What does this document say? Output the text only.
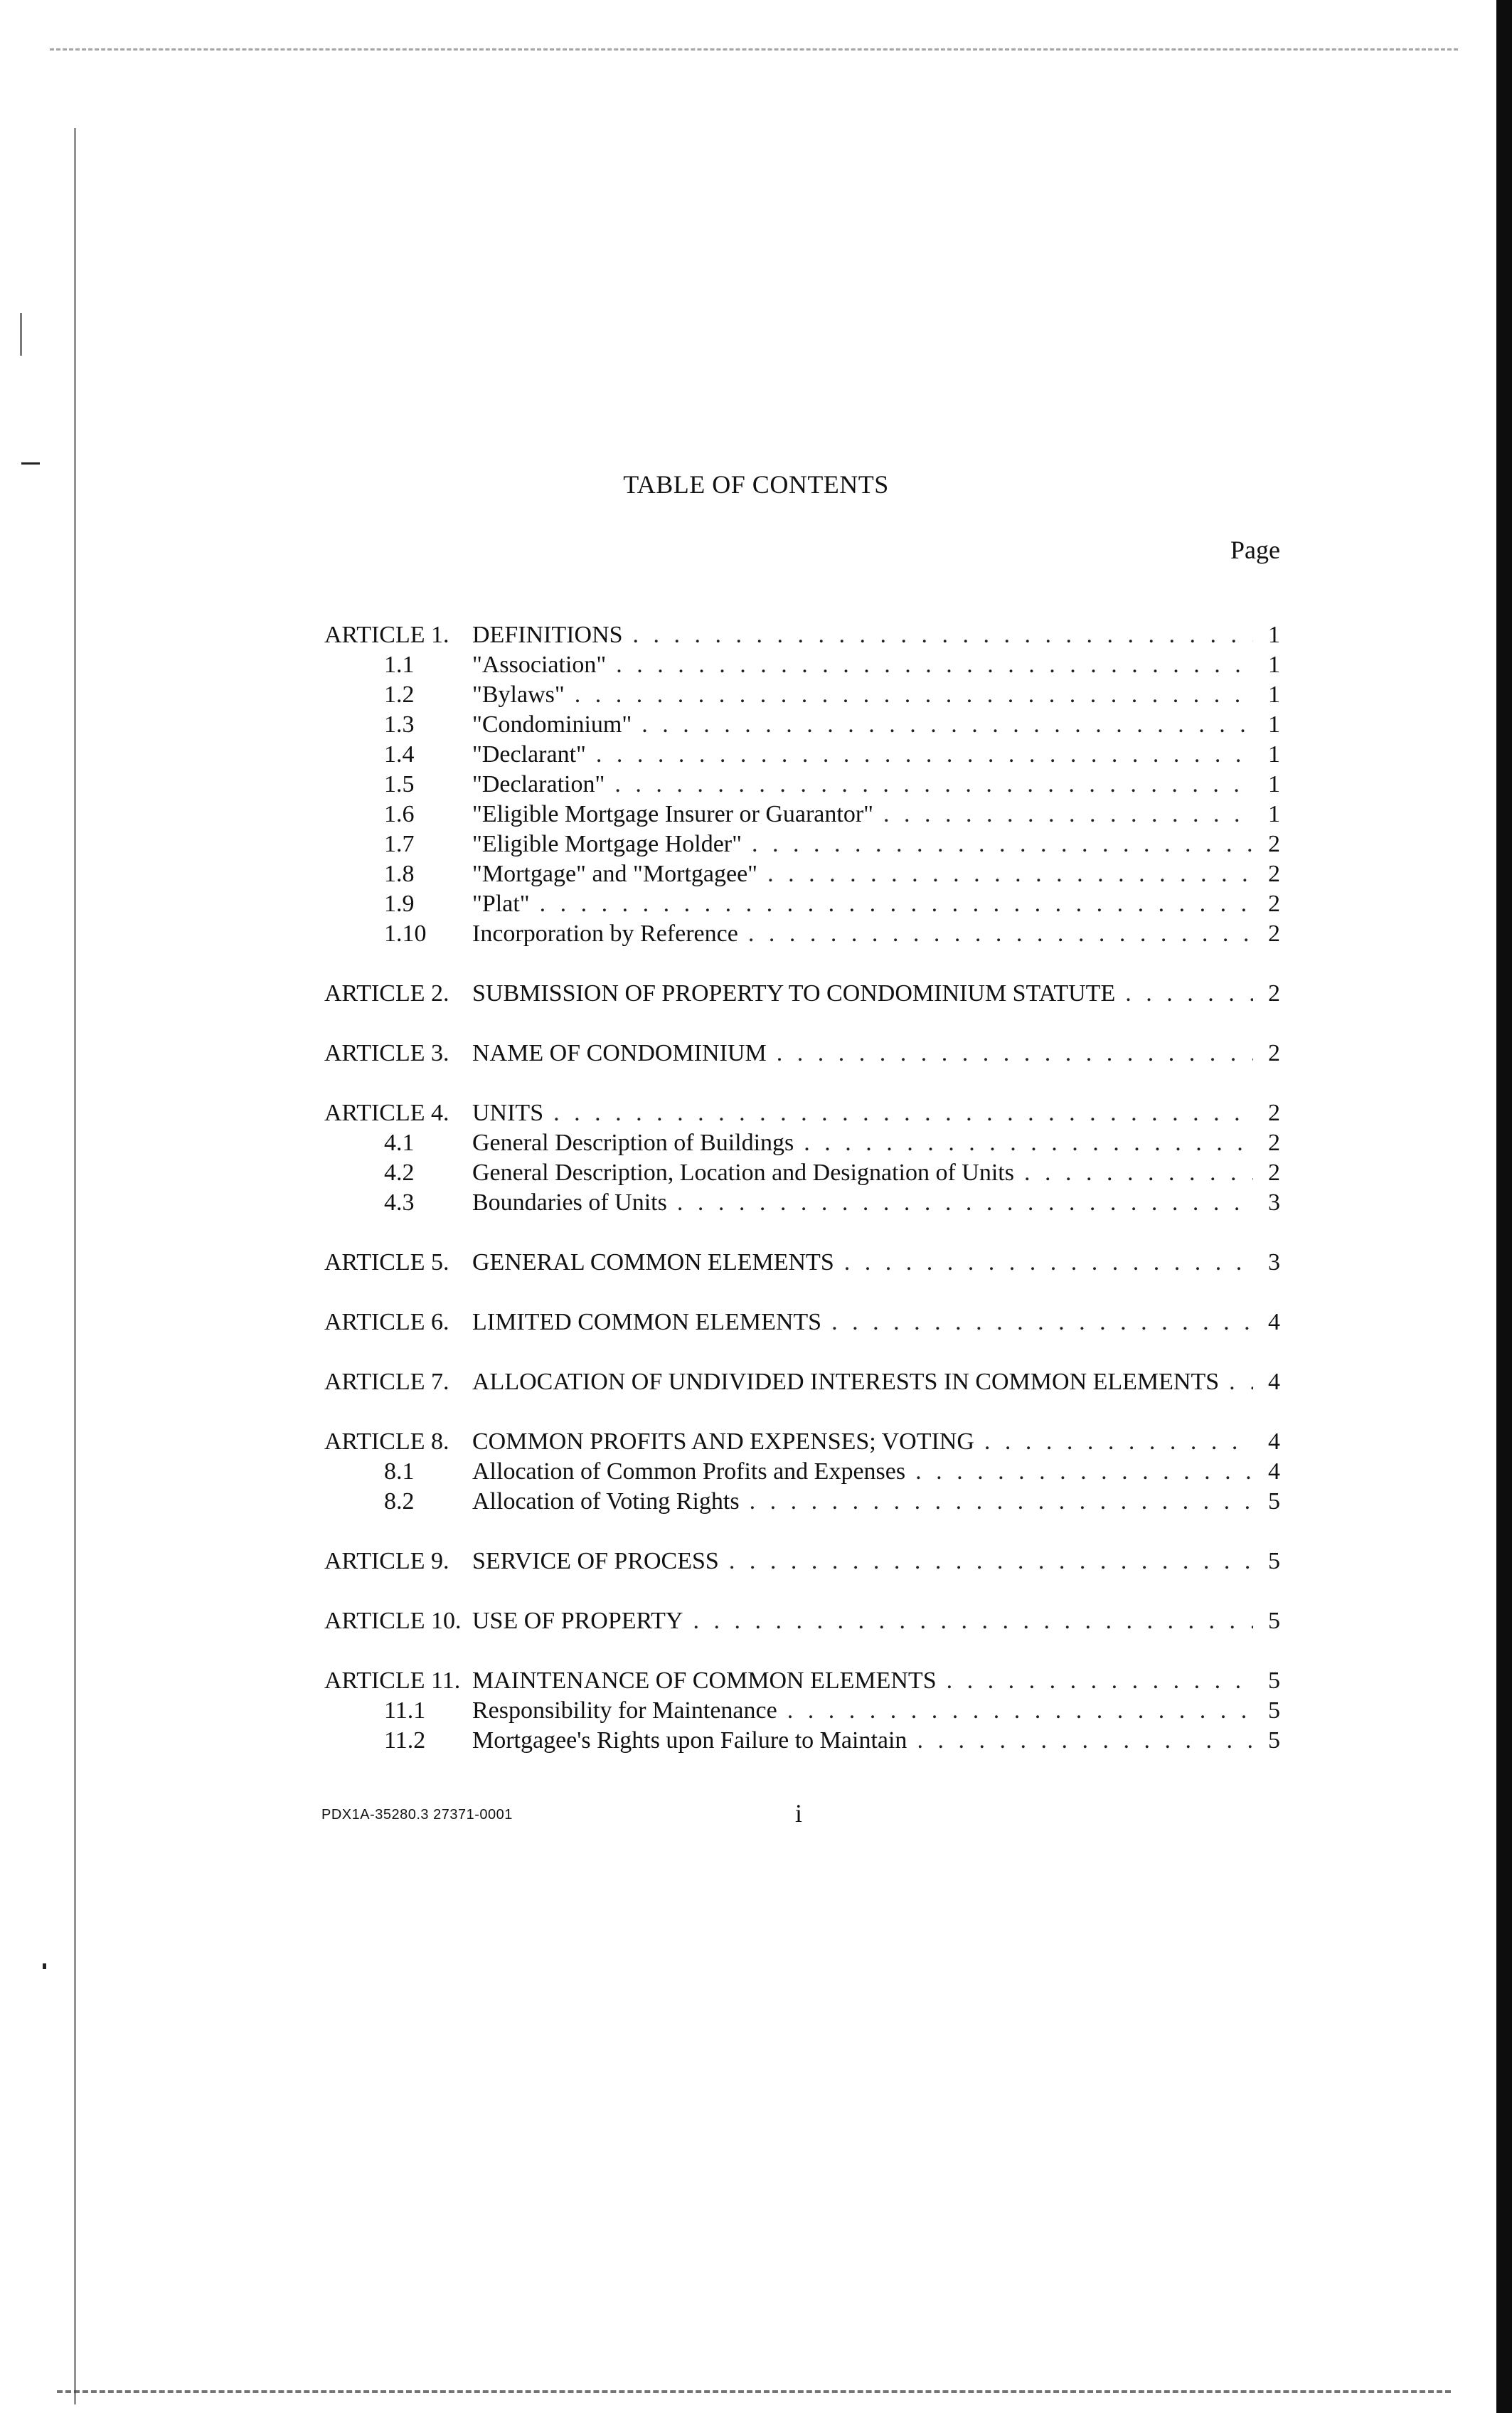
TABLE OF CONTENTS
Page
ARTICLE 1. DEFINITIONS . . .	1
1.1	"Association" . . .	1
1.2	"Bylaws" . . .	1
1.3	"Condominium" . . .	1
1.4	"Declarant" . . .	1
1.5	"Declaration" . . .	1
1.6	"Eligible Mortgage Insurer or Guarantor" . . .	1
1.7	"Eligible Mortgage Holder" . . .	2
1.8	"Mortgage" and "Mortgagee" . . .	2
1.9	"Plat" . . .	2
1.10	Incorporation by Reference . . .	2
ARTICLE 2. SUBMISSION OF PROPERTY TO CONDOMINIUM STATUTE . . .	2
ARTICLE 3. NAME OF CONDOMINIUM . . .	2
ARTICLE 4. UNITS . . .	2
4.1	General Description of Buildings . . .	2
4.2	General Description, Location and Designation of Units . . .	2
4.3	Boundaries of Units . . .	3
ARTICLE 5. GENERAL COMMON ELEMENTS . . .	3
ARTICLE 6. LIMITED COMMON ELEMENTS . . .	4
ARTICLE 7. ALLOCATION OF UNDIVIDED INTERESTS IN COMMON ELEMENTS . . .	4
ARTICLE 8. COMMON PROFITS AND EXPENSES; VOTING . . .	4
8.1	Allocation of Common Profits and Expenses . . .	4
8.2	Allocation of Voting Rights . . .	5
ARTICLE 9. SERVICE OF PROCESS . . .	5
ARTICLE 10. USE OF PROPERTY . . .	5
ARTICLE 11. MAINTENANCE OF COMMON ELEMENTS . . .	5
11.1	Responsibility for Maintenance . . .	5
11.2	Mortgagee's Rights upon Failure to Maintain . . .	5
PDX1A-35280.3 27371-0001	i
